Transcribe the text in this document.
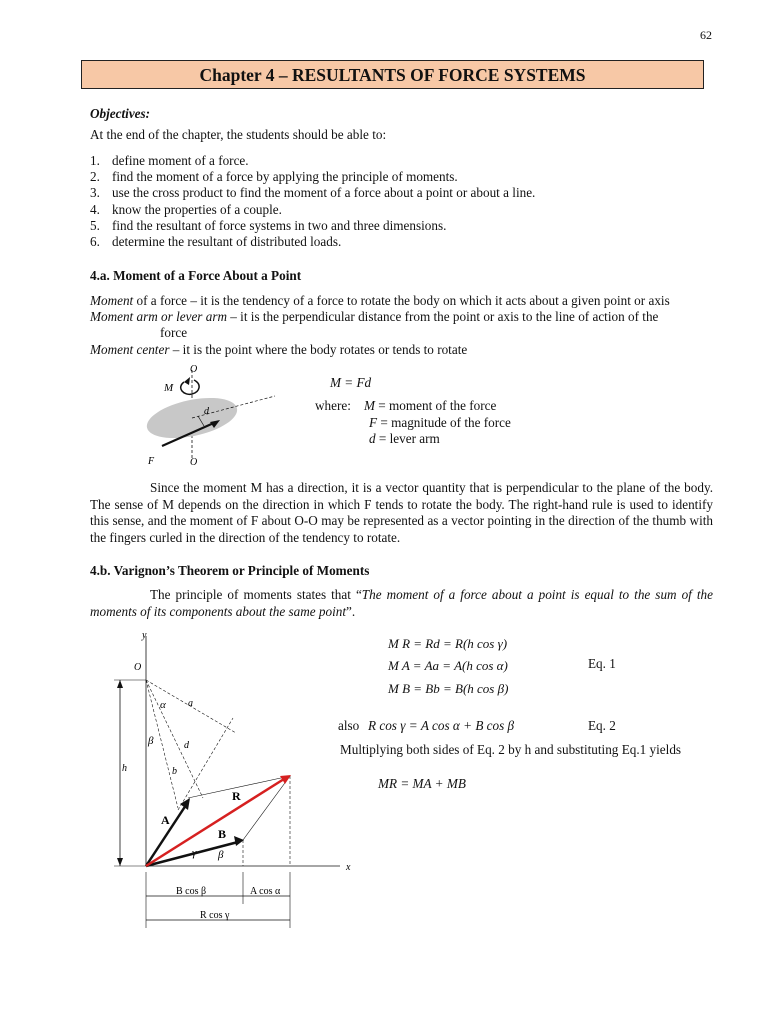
62
Chapter 4 – RESULTANTS OF FORCE SYSTEMS
Objectives:
At the end of the chapter, the students should be able to:
1. define moment of a force.
2. find the moment of a force by applying the principle of moments.
3. use the cross product to find the moment of a force about a point or about a line.
4. know the properties of a couple.
5. find the resultant of force systems in two and three dimensions.
6. determine the resultant of distributed loads.
4.a. Moment of a Force About a Point
Moment of a force – it is the tendency of a force to rotate the body on which it acts about a given point or axis
Moment arm or lever arm – it is the perpendicular distance from the point or axis to the line of action of the
force
Moment center – it is the point where the body rotates or tends to rotate
O
M
d
F	O
M = Fd
where: M = moment of the force
F = magnitude of the force
d = lever arm
Since the moment M has a direction, it is a vector quantity that is perpendicular to the plane of the body. The sense of M depends on the direction in which F tends to rotate the body. The right-hand rule is used to identify this sense, and the moment of F about O-O may be represented as a vector pointing in the direction of the thumb with the fingers curled in the direction of the tendency to rotate.
4.b. Varignon’s Theorem or Principle of Moments
The principle of moments states that “The moment of a force about a point is equal to the sum of the moments of its components about the same point”.
y
x
O
h
a
b
d
α
β
β
A
B
R
B cos β	A cos α
R cos γ
M R = Rd = R(h cos γ)
M A = Aa = A(h cos α)
M B = Bb = B(h cos β)
Eq. 1
also R cos γ = A cos α + B cos β	Eq. 2
Multiplying both sides of Eq. 2 by h and substituting Eq.1 yields
MR = MA + MB
